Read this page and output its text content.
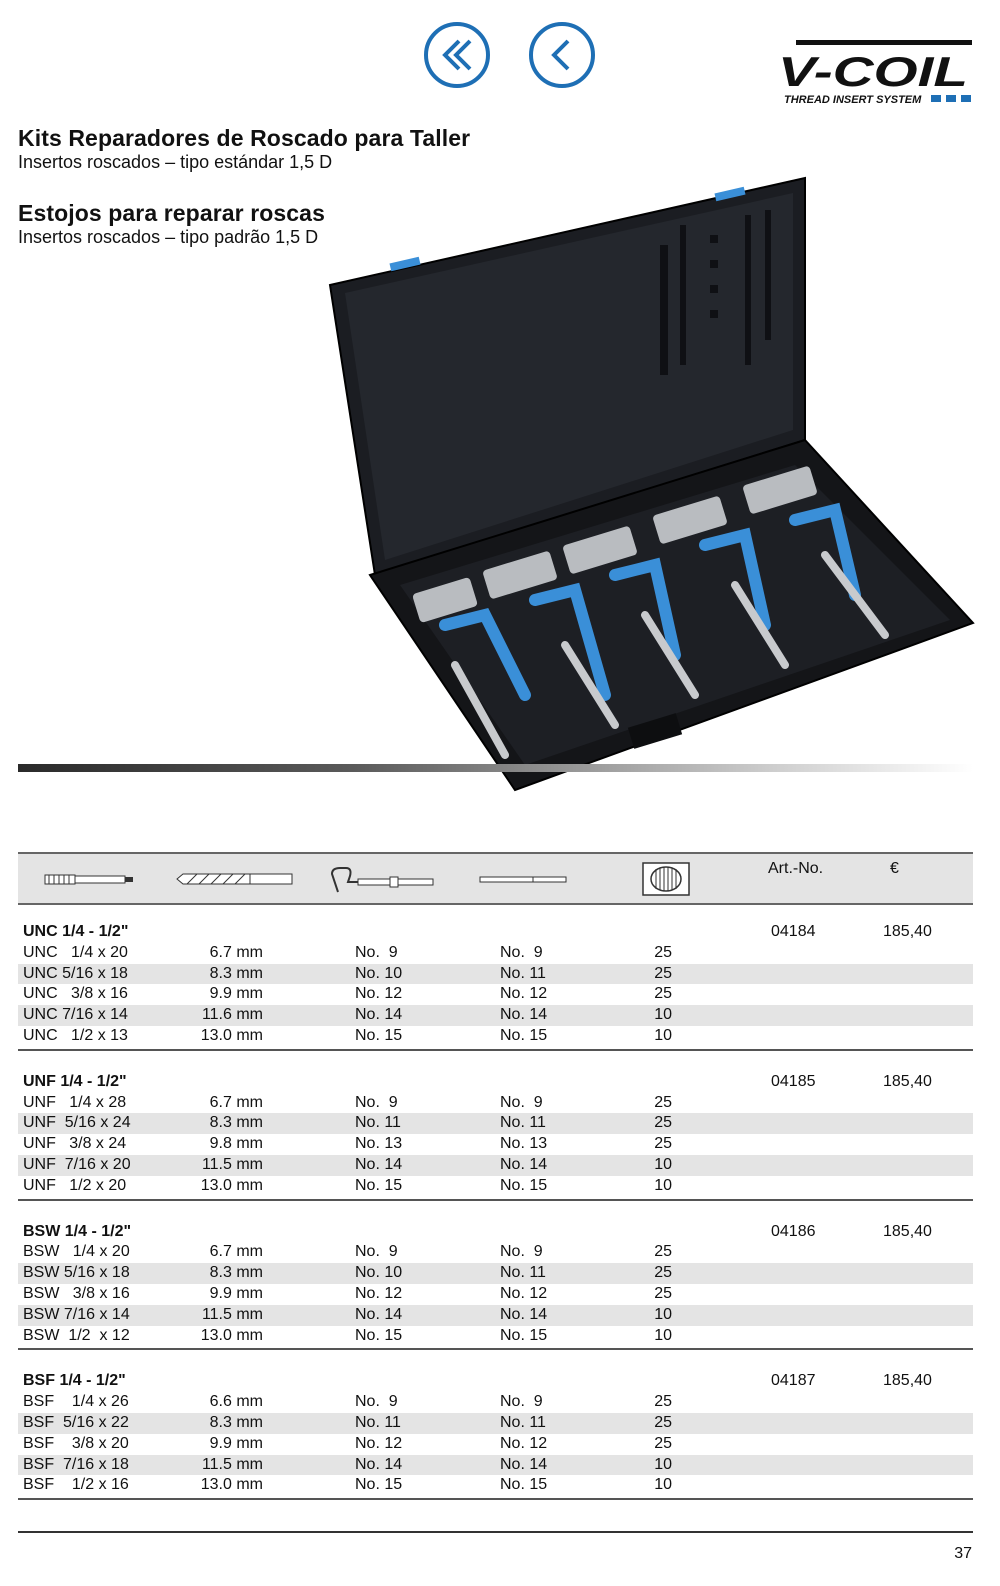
V-COIL
THREAD INSERT SYSTEM
Kits Reparadores de Roscado para Taller
Insertos roscados – tipo estándar 1,5 D
Estojos para reparar roscas
Insertos roscados – tipo padrão 1,5 D
Art.-No.	€
UNC 1/4 - 1/2"	04184	185,40
UNC   1/4 x 20	6.7 mm	No.  9	No.  9	25
UNC 5/16 x 18	8.3 mm	No. 10	No. 11	25
UNC   3/8 x 16	9.9 mm	No. 12	No. 12	25
UNC 7/16 x 14	11.6 mm	No. 14	No. 14	10
UNC   1/2 x 13	13.0 mm	No. 15	No. 15	10
UNF 1/4 - 1/2"	04185	185,40
UNF   1/4 x 28	6.7 mm	No.  9	No.  9	25
UNF  5/16 x 24	8.3 mm	No. 11	No. 11	25
UNF   3/8 x 24	9.8 mm	No. 13	No. 13	25
UNF  7/16 x 20	11.5 mm	No. 14	No. 14	10
UNF   1/2 x 20	13.0 mm	No. 15	No. 15	10
BSW 1/4 - 1/2"	04186	185,40
BSW   1/4 x 20	6.7 mm	No.  9	No.  9	25
BSW 5/16 x 18	8.3 mm	No. 10	No. 11	25
BSW   3/8 x 16	9.9 mm	No. 12	No. 12	25
BSW 7/16 x 14	11.5 mm	No. 14	No. 14	10
BSW  1/2  x 12	13.0 mm	No. 15	No. 15	10
BSF 1/4 - 1/2"	04187	185,40
BSF    1/4 x 26	6.6 mm	No.  9	No.  9	25
BSF  5/16 x 22	8.3 mm	No. 11	No. 11	25
BSF    3/8 x 20	9.9 mm	No. 12	No. 12	25
BSF  7/16 x 18	11.5 mm	No. 14	No. 14	10
BSF    1/2 x 16	13.0 mm	No. 15	No. 15	10
37
